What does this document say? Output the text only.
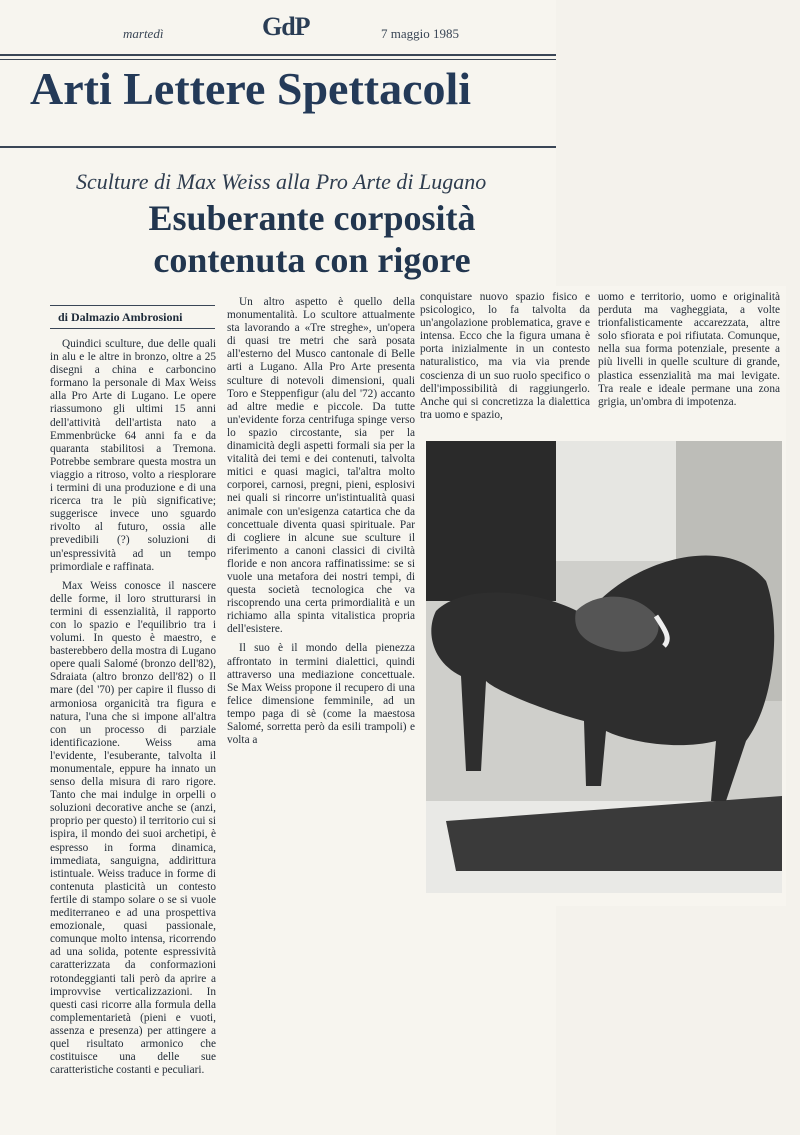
martedì	GdP	7 maggio 1985
Arti Lettere Spettacoli
Sculture di Max Weiss alla Pro Arte di Lugano
Esuberante corposità
contenuta con rigore
di Dalmazio Ambrosioni

Quindici sculture, due delle quali in alu e le altre in bronzo, oltre a 25 disegni a china e carboncino formano la personale di Max Weiss alla Pro Arte di Lugano. Le opere riassumono gli ultimi 15 anni dell'attività dell'artista nato a Emmenbrücke 64 anni fa e da quaranta stabilitosi a Tremona. Potrebbe sembrare questa mostra un viaggio a ritroso, volto a riesplorare i termini di una produzione e di una ricerca tra le più significative; suggerisce invece uno sguardo rivolto al futuro, ossia alle prevedibili (?) soluzioni di un'espressività ad un tempo primordiale e raffinata.

Max Weiss conosce il nascere delle forme, il loro strutturarsi in termini di essenzialità, il rapporto con lo spazio e l'equilibrio tra i volumi. In questo è maestro, e basterebbero della mostra di Lugano opere quali Salomé (bronzo dell'82), Sdraiata (altro bronzo dell'82) o Il mare (del '70) per capire il flusso di armoniosa organicità tra figura e natura, l'una che si impone all'altra con un processo di parziale identificazione. Weiss ama l'evidente, l'esuberante, talvolta il monumentale, eppure ha innato un senso della misura di raro rigore. Tanto che mai indulge in orpelli o soluzioni decorative anche se (anzi, proprio per questo) il territorio cui si ispira, il mondo dei suoi archetipi, è espresso in forma dinamica, immediata, sanguigna, addirittura istintuale. Weiss traduce in forme di contenuta plasticità un contesto fertile di stampo solare o se si vuole mediterraneo e ad una prospettiva emozionale, quasi passionale, comunque molto intensa, ricorrendo ad una solida, potente espressività caratterizzata da conformazioni rotondeggianti tali però da aprire a improvvise verticalizzazioni. In questi casi ricorre alla formula della complementarietà (pieni e vuoti, assenza e presenza) per attingere a quel risultato armonico che costituisce una delle sue caratteristiche costanti e peculiari.

Un altro aspetto è quello della monumentalità. Lo scultore attualmente sta lavorando a «Tre streghe», un'opera di quasi tre metri che sarà posata all'esterno del Musco cantonale di Belle arti a Lugano. Alla Pro Arte presenta sculture di notevoli dimensioni, quali Toro e Steppenfigur (alu del '72) accanto ad altre medie e piccole. Da tutte un'evidente forza centrifuga spinge verso lo spazio circostante, sia per la dinamicità degli aspetti formali sia per la vitalità dei temi e dei contenuti, talvolta mitici e quasi magici, tal'altra molto corporei, carnosi, pregni, pieni, esplosivi nei quali si rincorre un'istintualità quasi animale con un'esigenza catartica che da concettuale diventa quasi spirituale. Par di cogliere in alcune sue sculture il riferimento a canoni classici di civiltà floride e non ancora raffinatissime: se si vuole una metafora dei nostri tempi, di questa società tecnologica che va riscoprendo una certa primordialità e un richiamo alla spinta vitalistica propria dell'esistere.

Il suo è il mondo della pienezza affrontato in termini dialettici, quindi attraverso una mediazione concettuale. Se Max Weiss propone il recupero di una felice dimensione femminile, ad un tempo paga di sè (come la maestosa Salomé, sorretta però da esili trampoli) e volta a

conquistare nuovo spazio fisico e psicologico, lo fa talvolta da un'angolazione problematica, grave e intensa. Ecco che la figura umana è porta inizialmente in un contesto naturalistico, ma via via prende coscienza di un suo ruolo specifico o dell'impossibilità di raggiungerlo. Anche qui si concretizza la dialettica tra uomo e spazio,

uomo e territorio, uomo e originalità perduta ma vagheggiata, a volte trionfalisticamente accarezzata, altre solo sfiorata e poi rifiutata. Comunque, nella sua forma potenziale, presente a più livelli in quelle sculture di grande, plastica essenzialità ma mai levigate. Tra reale e ideale permane una zona grigia, un'ombra di impotenza.
